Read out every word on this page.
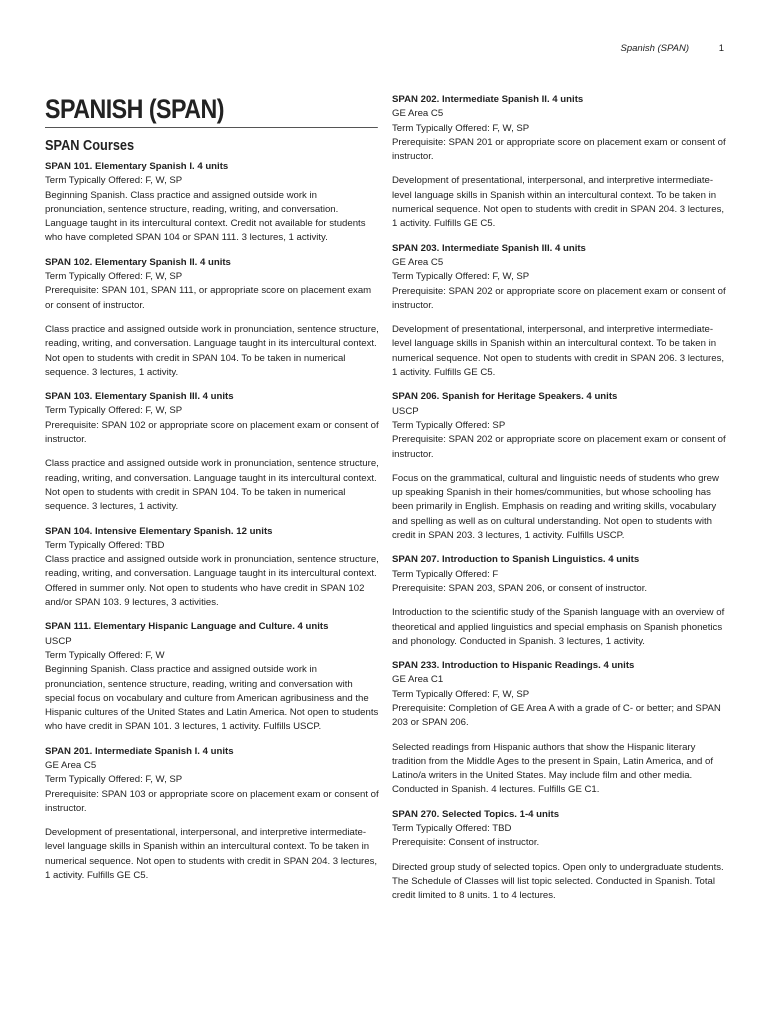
Spanish (SPAN)	1
SPANISH (SPAN)
SPAN Courses

SPAN 101. Elementary Spanish I. 4 units

Term Typically Offered: F, W, SP

Beginning Spanish. Class practice and assigned outside work in pronunciation, sentence structure, reading, writing, and conversation. Language taught in its intercultural context. Credit not available for students who have completed SPAN 104 or SPAN 111. 3 lectures, 1 activity.

SPAN 102. Elementary Spanish II. 4 units

Term Typically Offered: F, W, SP

Prerequisite: SPAN 101, SPAN 111, or appropriate score on placement exam or consent of instructor.

Class practice and assigned outside work in pronunciation, sentence structure, reading, writing, and conversation. Language taught in its intercultural context. Not open to students with credit in SPAN 104. To be taken in numerical sequence. 3 lectures, 1 activity.

SPAN 103. Elementary Spanish III. 4 units

Term Typically Offered: F, W, SP

Prerequisite: SPAN 102 or appropriate score on placement exam or consent of instructor.

Class practice and assigned outside work in pronunciation, sentence structure, reading, writing, and conversation. Language taught in its intercultural context. Not open to students with credit in SPAN 104. To be taken in numerical sequence. 3 lectures, 1 activity.

SPAN 104. Intensive Elementary Spanish. 12 units

Term Typically Offered: TBD

Class practice and assigned outside work in pronunciation, sentence structure, reading, writing, and conversation. Language taught in its intercultural context. Offered in summer only. Not open to students who have credit in SPAN 102 and/or SPAN 103. 9 lectures, 3 activities.

SPAN 111. Elementary Hispanic Language and Culture. 4 units

USCP

Term Typically Offered: F, W

Beginning Spanish. Class practice and assigned outside work in pronunciation, sentence structure, reading, writing and conversation with special focus on vocabulary and culture from American agribusiness and the Hispanic cultures of the United States and Latin America. Not open to students who have credit in SPAN 101. 3 lectures, 1 activity. Fulfills USCP.

SPAN 201. Intermediate Spanish I. 4 units

GE Area C5

Term Typically Offered: F, W, SP

Prerequisite: SPAN 103 or appropriate score on placement exam or consent of instructor.

Development of presentational, interpersonal, and interpretive intermediate-level language skills in Spanish within an intercultural context. To be taken in numerical sequence. Not open to students with credit in SPAN 204. 3 lectures, 1 activity. Fulfills GE C5.

SPAN 202. Intermediate Spanish II. 4 units

GE Area C5

Term Typically Offered: F, W, SP

Prerequisite: SPAN 201 or appropriate score on placement exam or consent of instructor.

Development of presentational, interpersonal, and interpretive intermediate-level language skills in Spanish within an intercultural context. To be taken in numerical sequence. Not open to students with credit in SPAN 204. 3 lectures, 1 activity. Fulfills GE C5.

SPAN 203. Intermediate Spanish III. 4 units

GE Area C5

Term Typically Offered: F, W, SP

Prerequisite: SPAN 202 or appropriate score on placement exam or consent of instructor.

Development of presentational, interpersonal, and interpretive intermediate-level language skills in Spanish within an intercultural context. To be taken in numerical sequence. Not open to students with credit in SPAN 206. 3 lectures, 1 activity. Fulfills GE C5.

SPAN 206. Spanish for Heritage Speakers. 4 units

USCP

Term Typically Offered: SP

Prerequisite: SPAN 202 or appropriate score on placement exam or consent of instructor.

Focus on the grammatical, cultural and linguistic needs of students who grew up speaking Spanish in their homes/communities, but whose schooling has been primarily in English. Emphasis on reading and writing skills, vocabulary and spelling as well as on cultural understanding. Not open to students with credit in SPAN 203. 3 lectures, 1 activity. Fulfills USCP.

SPAN 207. Introduction to Spanish Linguistics. 4 units

Term Typically Offered: F

Prerequisite: SPAN 203, SPAN 206, or consent of instructor.

Introduction to the scientific study of the Spanish language with an overview of theoretical and applied linguistics and special emphasis on Spanish phonetics and phonology. Conducted in Spanish. 3 lectures, 1 activity.

SPAN 233. Introduction to Hispanic Readings. 4 units

GE Area C1

Term Typically Offered: F, W, SP

Prerequisite: Completion of GE Area A with a grade of C- or better; and SPAN 203 or SPAN 206.

Selected readings from Hispanic authors that show the Hispanic literary tradition from the Middle Ages to the present in Spain, Latin America, and of Latino/a writers in the United States. May include film and other media. Conducted in Spanish. 4 lectures. Fulfills GE C1.

SPAN 270. Selected Topics. 1-4 units

Term Typically Offered: TBD

Prerequisite: Consent of instructor.

Directed group study of selected topics. Open only to undergraduate students. The Schedule of Classes will list topic selected. Conducted in Spanish. Total credit limited to 8 units. 1 to 4 lectures.
